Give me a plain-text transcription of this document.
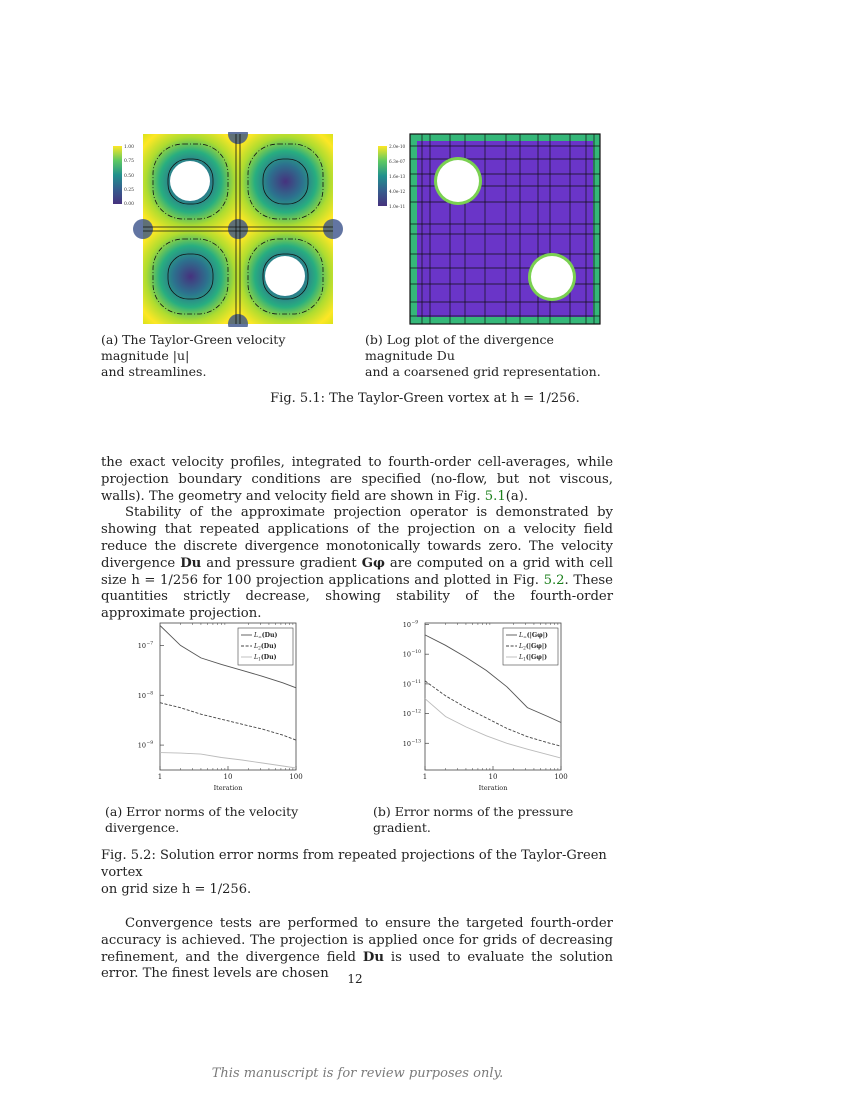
1.00
0.75
0.50
0.25
0.00
2.0e-10
6.3e-07
1.6e-13
4.0e-12
1.0e-11
(a) The Taylor-Green velocity magnitude |u|
and streamlines.
(b) Log plot of the divergence magnitude Du
and a coarsened grid representation.
Fig. 5.1: The Taylor-Green vortex at h = 1/256.

the exact velocity profiles, integrated to fourth-order cell-averages, while projection boundary conditions are specified (no-flow, but not viscous, walls). The geometry and velocity field are shown in Fig. 5.1(a).

Stability of the approximate projection operator is demonstrated by showing that repeated applications of the projection on a velocity field reduce the discrete divergence monotonically towards zero. The velocity divergence Du and pressure gradient Gφ are computed on a grid with cell size h = 1/256 for 100 projection applications and plotted in Fig. 5.2. These quantities strictly decrease, showing stability of the fourth-order approximate projection.

1	10	100
Iteration
10 −7
10 −8
10 −9
$L_\infty(Du)$
$L_2(Du)$
$L_1(Du)$
1	10	100
Iteration
10 −9
10 −10
10 −11
10 −12
10 −13
$L_\infty(|G\varphi|)$
$L_2(|G\varphi|)$
$L_1(|G\varphi|)$
(a) Error norms of the velocity divergence.
(b) Error norms of the pressure gradient.
Fig. 5.2: Solution error norms from repeated projections of the Taylor-Green vortex
on grid size h = 1/256.

Convergence tests are performed to ensure the targeted fourth-order accuracy is achieved. The projection is applied once for grids of decreasing refinement, and the divergence field Du is used to evaluate the solution error. The finest levels are chosen	12
This manuscript is for review purposes only.
